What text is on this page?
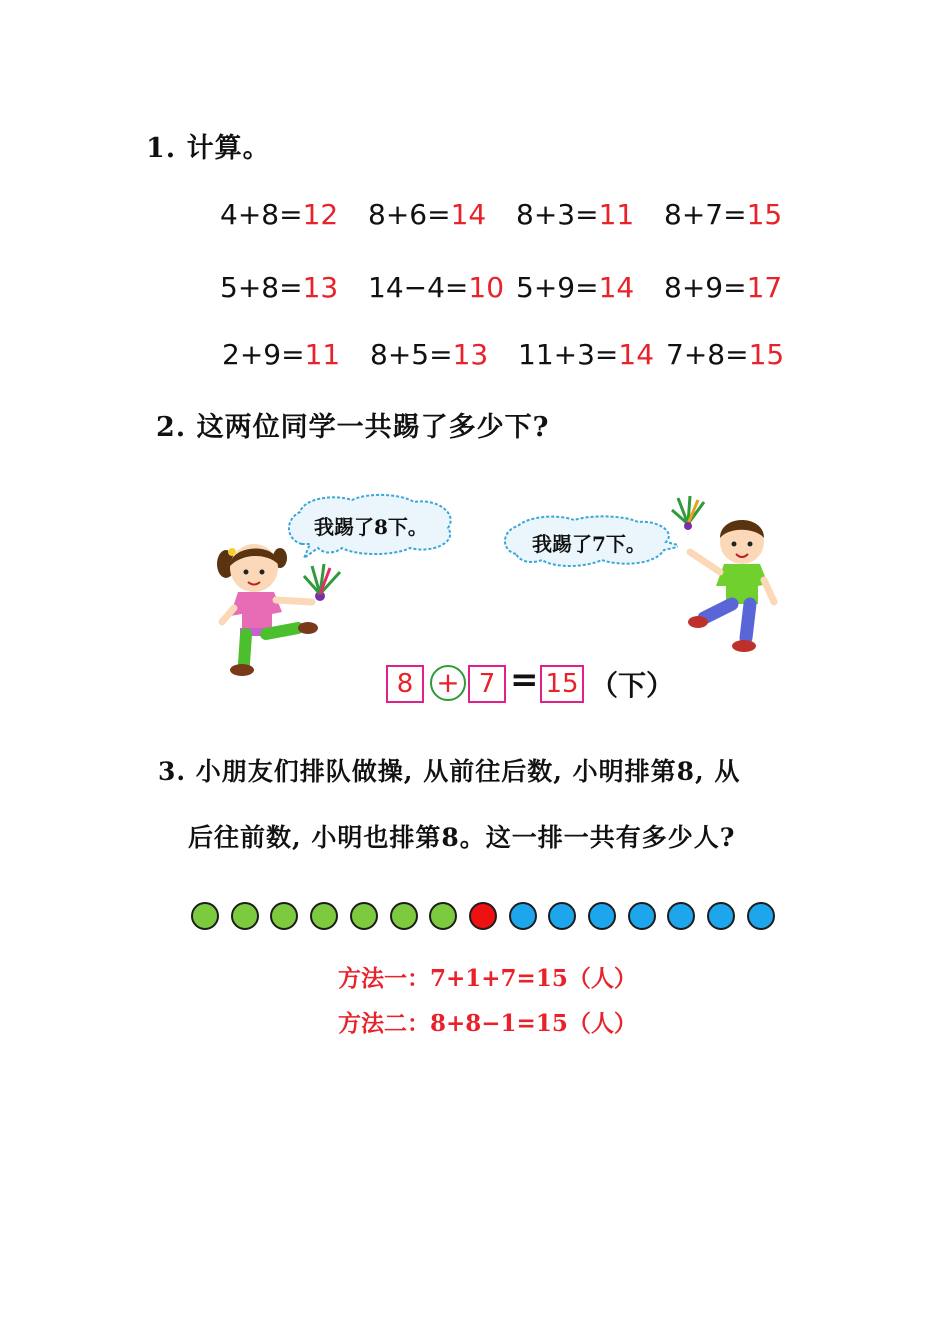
1. 计算。
4+8=12 8+6=14 8+3=11 8+7=15
5+8=13 14−4=10 5+9=14 8+9=17
2+9=11 8+5=13 11+3=14 7+8=15
2. 这两位同学一共踢了多少下?
我踢了8下。
我踢了7下。
8 + 7 = 15 （下）
3. 小朋友们排队做操, 从前往后数, 小明排第8, 从
后往前数, 小明也排第8。这一排一共有多少人?
方法一：7+1+7=15（人）
方法二：8+8−1=15（人）
